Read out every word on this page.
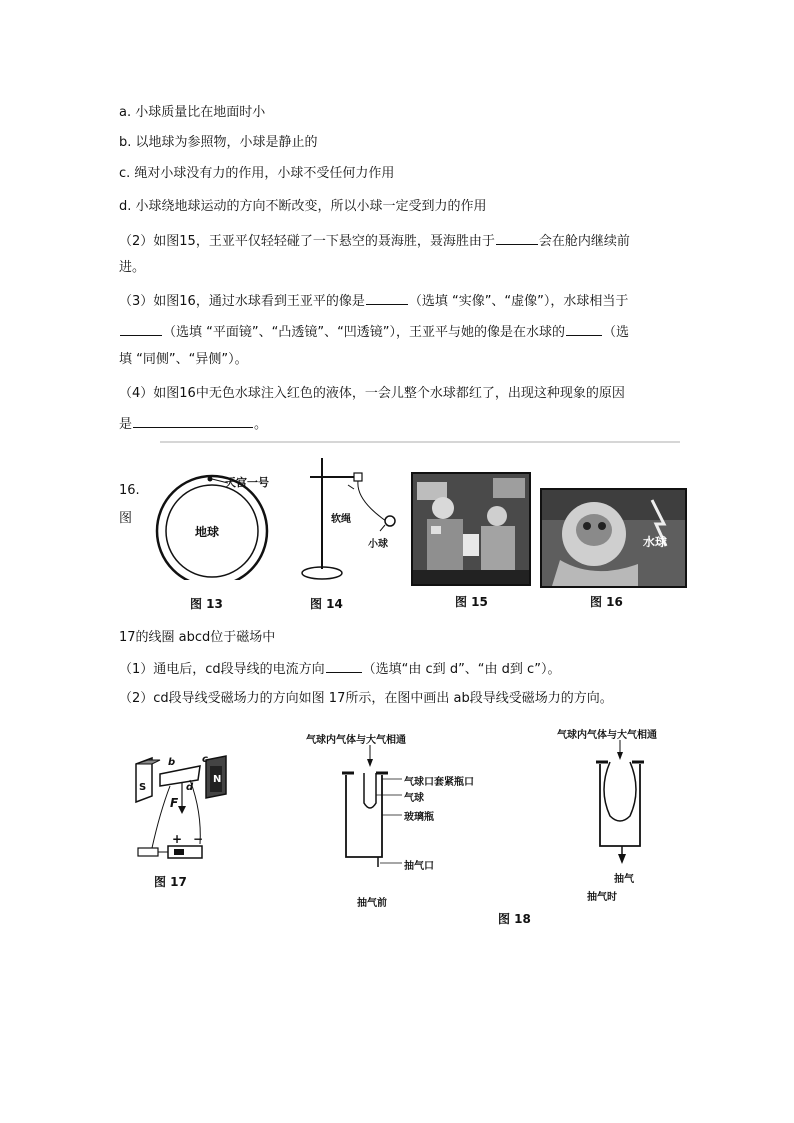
a. 小球质量比在地面时小
b. 以地球为参照物，小球是静止的
c. 绳对小球没有力的作用，小球不受任何力作用
d. 小球绕地球运动的方向不断改变，所以小球一定受到力的作用
（2）如图15，王亚平仅轻轻碰了一下悬空的聂海胜，聂海胜由于	会在舱内继续前
进。
（3）如图16，通过水球看到王亚平的像是	（选填 “实像”、“虚像”），水球相当于
（选填 “平面镜”、“凸透镜”、“凹透镜”），王亚平与她的像是在水球的	（选
填 “同侧”、“异侧”）。
（4）如图16中无色水球注入红色的液体，一会儿整个水球都红了，出现这种现象的原因
是	。
16.
图
天宫一号
地球
图 13
软绳
小球
图 14	图 15
水球
图 16
17的线圈 abcd位于磁场中
（1）通电后，cd段导线的电流方向	（选填“由 c到 d”、“由 d到 c”）。
（2）cd段导线受磁场力的方向如图 17所示，在图中画出 ab段导线受磁场力的方向。
b	c
d
F
S
N
+ −
图 17
气球内气体与大气相通
气球口套紧瓶口
气球
玻璃瓶
抽气口
抽气前
气球内气体与大气相通
抽气
抽气时
图 18
